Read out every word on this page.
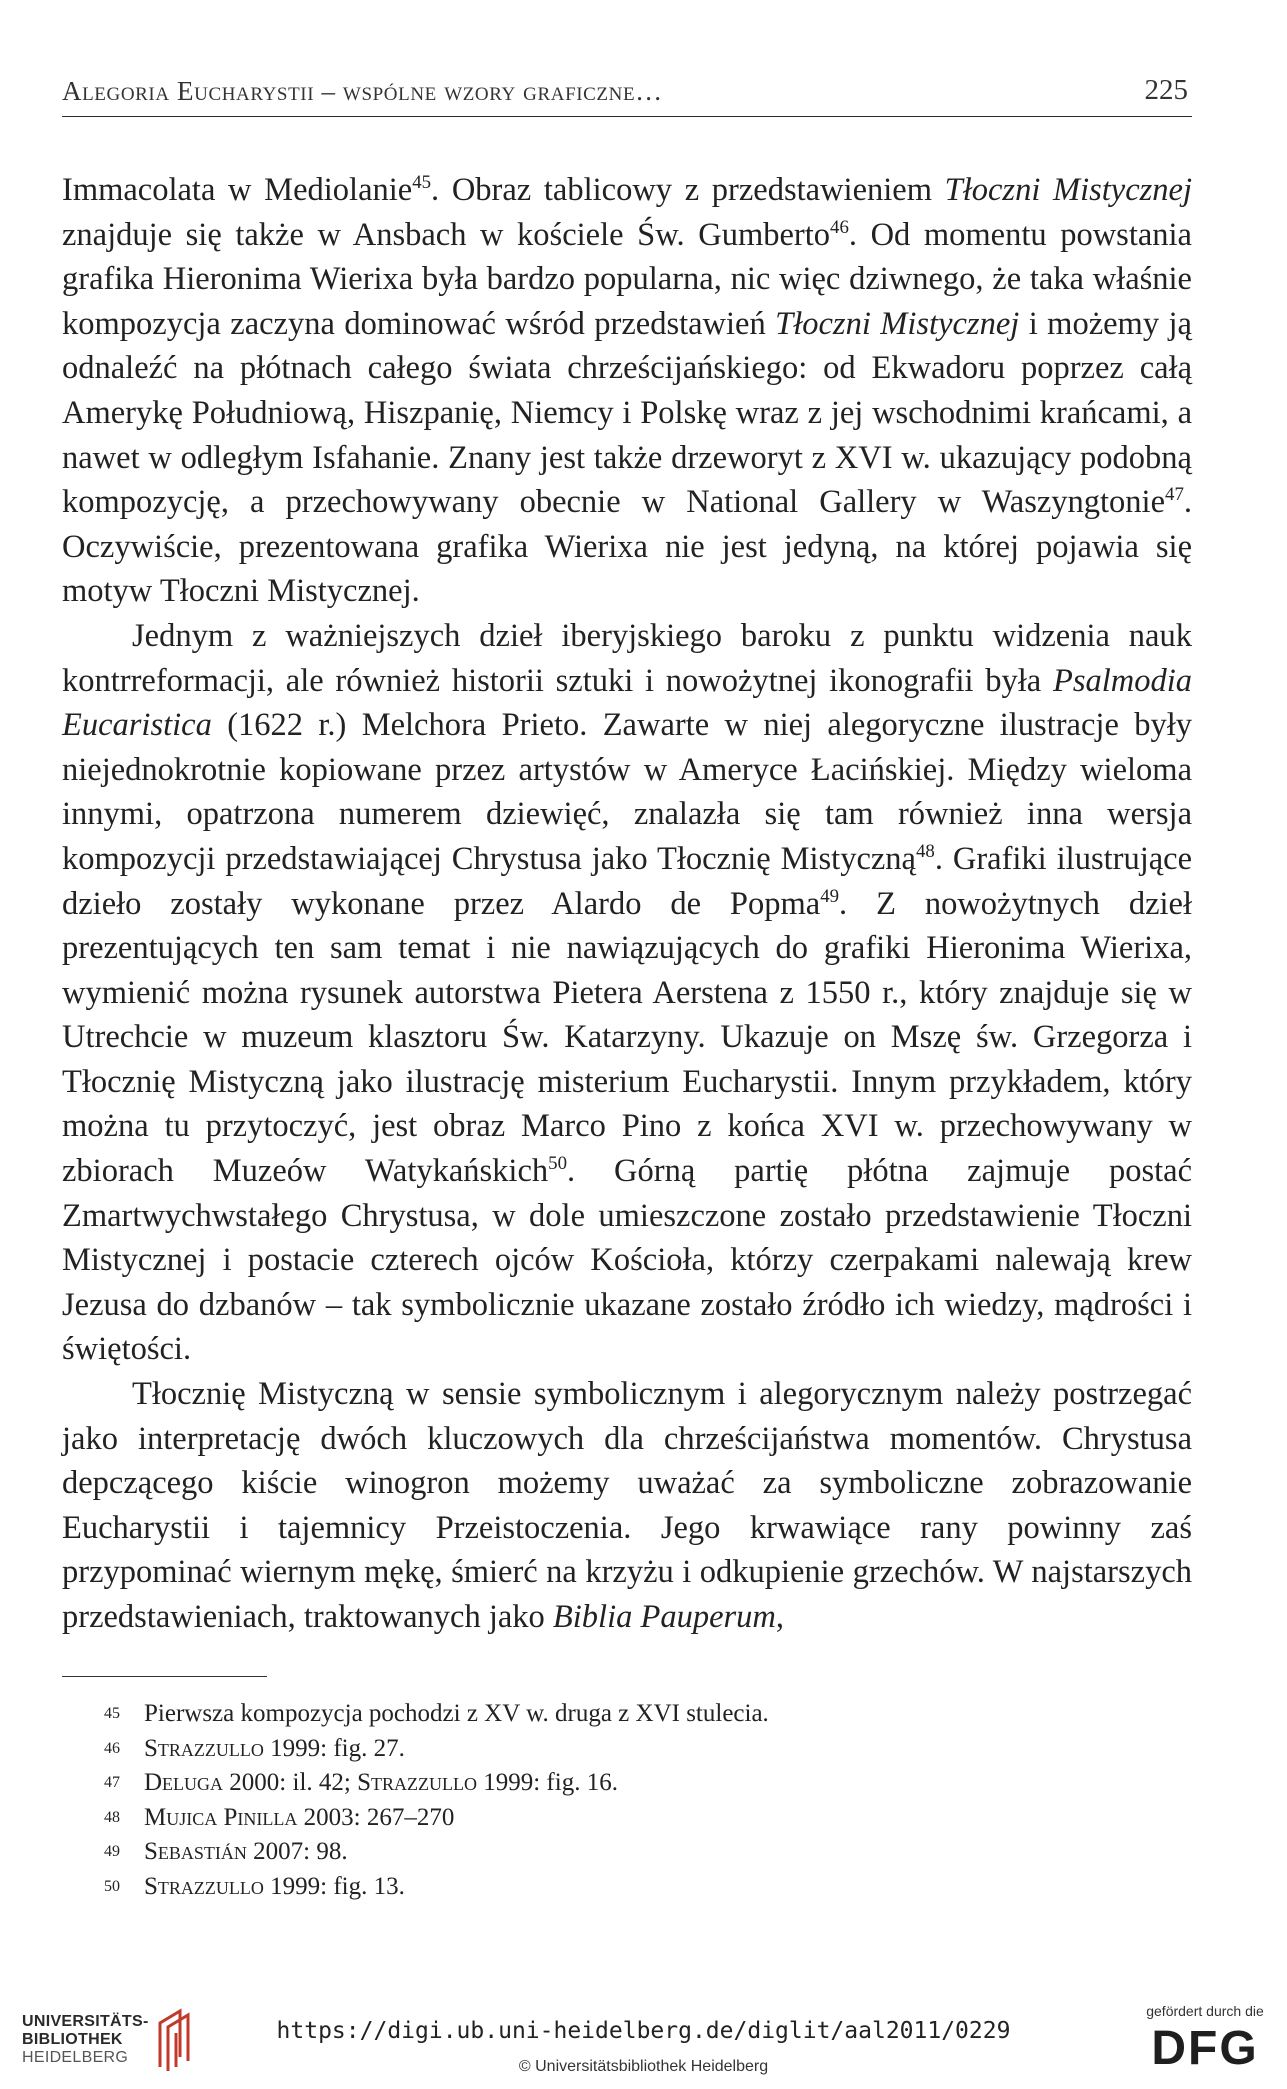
Alegoria Eucharystii – wspólne wzory graficzne…	225

Immacolata w Mediolanie$^{45}$. Obraz tablicowy z przedstawieniem Tłoczni Mistycznej znajduje się także w Ansbach w kościele Św. Gumberto$^{46}$. Od momentu powstania grafika Hieronima Wierixa była bardzo popularna, nic więc dziwnego, że taka właśnie kompozycja zaczyna dominować wśród przedstawień Tłoczni Mistycznej i możemy ją odnaleźć na płótnach całego świata chrześcijańskiego: od Ekwadoru poprzez całą Amerykę Południową, Hiszpanię, Niemcy i Polskę wraz z jej wschodnimi krańcami, a nawet w odległym Isfahanie. Znany jest także drzeworyt z XVI w. ukazujący podobną kompozycję, a przechowywany obecnie w National Gallery w Waszyngtonie$^{47}$. Oczywiście, prezentowana grafika Wierixa nie jest jedyną, na której pojawia się motyw Tłoczni Mistycznej.

Jednym z ważniejszych dzieł iberyjskiego baroku z punktu widzenia nauk kontrreformacji, ale również historii sztuki i nowożytnej ikonografii była Psalmodia Eucaristica (1622 r.) Melchora Prieto. Zawarte w niej alegoryczne ilustracje były niejednokrotnie kopiowane przez artystów w Ameryce Łacińskiej. Między wieloma innymi, opatrzona numerem dziewięć, znalazła się tam również inna wersja kompozycji przedstawiającej Chrystusa jako Tłocznię Mistyczną$^{48}$. Grafiki ilustrujące dzieło zostały wykonane przez Alardo de Popma$^{49}$. Z nowożytnych dzieł prezentujących ten sam temat i nie nawiązujących do grafiki Hieronima Wierixa, wymienić można rysunek autorstwa Pietera Aerstena z 1550 r., który znajduje się w Utrechcie w muzeum klasztoru Św. Katarzyny. Ukazuje on Mszę św. Grzegorza i Tłocznię Mistyczną jako ilustrację misterium Eucharystii. Innym przykładem, który można tu przytoczyć, jest obraz Marco Pino z końca XVI w. przechowywany w zbiorach Muzeów Watykańskich$^{50}$. Górną partię płótna zajmuje postać Zmartwychwstałego Chrystusa, w dole umieszczone zostało przedstawienie Tłoczni Mistycznej i postacie czterech ojców Kościoła, którzy czerpakami nalewają krew Jezusa do dzbanów – tak symbolicznie ukazane zostało źródło ich wiedzy, mądrości i świętości.

Tłocznię Mistyczną w sensie symbolicznym i alegorycznym należy postrzegać jako interpretację dwóch kluczowych dla chrześcijaństwa momentów. Chrystusa depczącego kiście winogron możemy uważać za symboliczne zobrazowanie Eucharystii i tajemnicy Przeistoczenia. Jego krwawiące rany powinny zaś przypominać wiernym mękę, śmierć na krzyżu i odkupienie grzechów. W najstarszych przedstawieniach, traktowanych jako Biblia Pauperum,

45 Pierwsza kompozycja pochodzi z XV w. druga z XVI stulecia.
46 Strazzullo 1999: fig. 27.
47 Deluga 2000: il. 42; Strazzullo 1999: fig. 16.
48 Mujica Pinilla 2003: 267–270
49 Sebastián 2007: 98.
50 Strazzullo 1999: fig. 13.
UNIVERSITÄTS-
BIBLIOTHEK
HEIDELBERG
https://digi.ub.uni-heidelberg.de/diglit/aal2011/0229
© Universitätsbibliothek Heidelberg
gefördert durch die
DFG
